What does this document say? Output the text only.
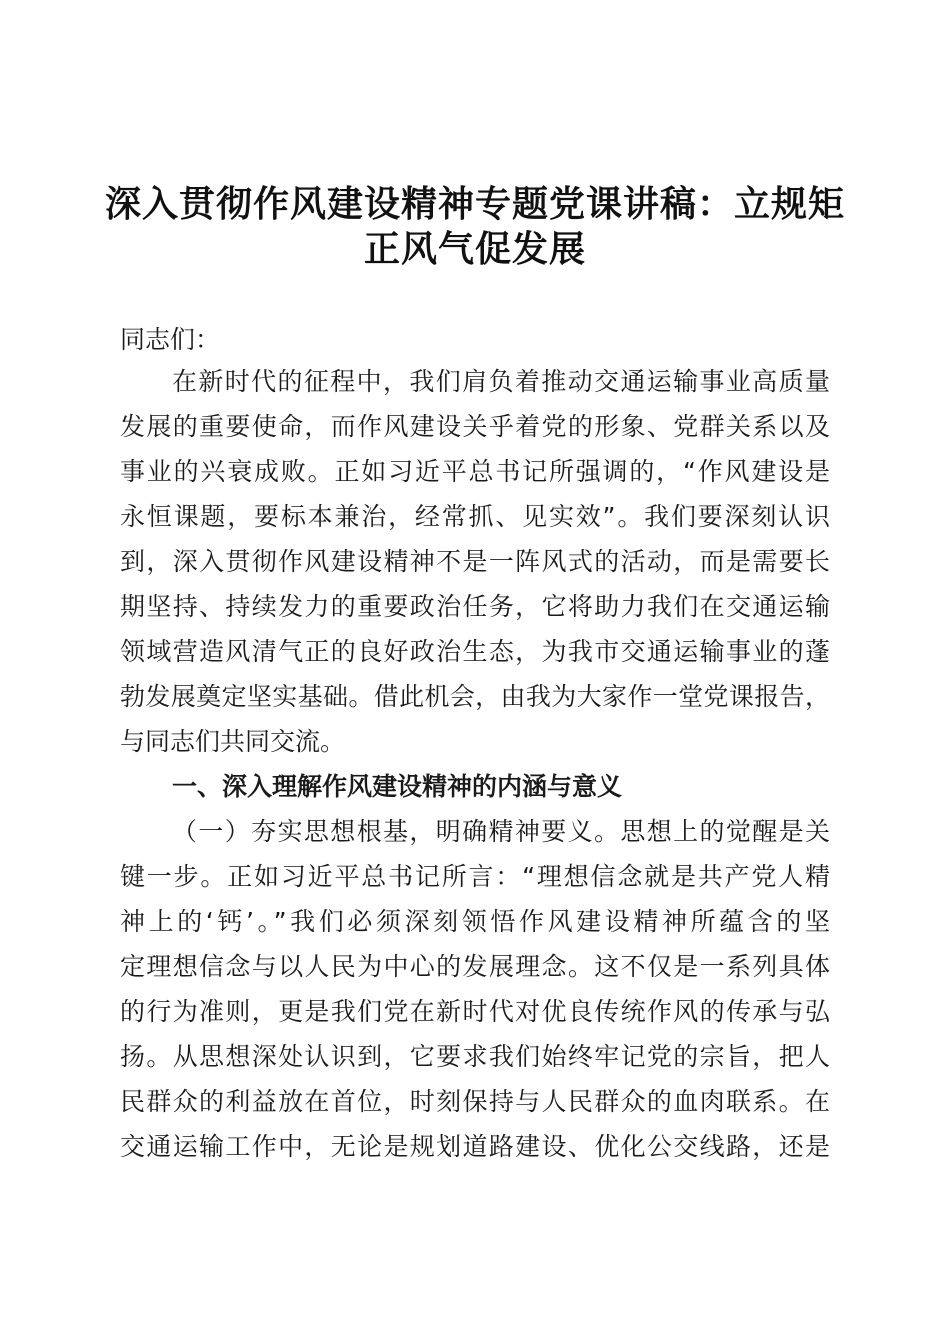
深入贯彻作风建设精神专题党课讲稿：立规矩
正风气促发展
同志们：
在新时代的征程中，我们肩负着推动交通运输事业高质量
发展的重要使命，而作风建设关乎着党的形象、党群关系以及
事业的兴衰成败。正如习近平总书记所强调的，“作风建设是
永恒课题，要标本兼治，经常抓、见实效”。我们要深刻认识
到，深入贯彻作风建设精神不是一阵风式的活动，而是需要长
期坚持、持续发力的重要政治任务，它将助力我们在交通运输
领域营造风清气正的良好政治生态，为我市交通运输事业的蓬
勃发展奠定坚实基础。借此机会，由我为大家作一堂党课报告，
与同志们共同交流。
一、深入理解作风建设精神的内涵与意义
（一）夯实思想根基，明确精神要义。思想上的觉醒是关
键一步。正如习近平总书记所言：“理想信念就是共产党人精
神上的‘钙’。”我们必须深刻领悟作风建设精神所蕴含的坚
定理想信念与以人民为中心的发展理念。这不仅是一系列具体
的行为准则，更是我们党在新时代对优良传统作风的传承与弘
扬。从思想深处认识到，它要求我们始终牢记党的宗旨，把人
民群众的利益放在首位，时刻保持与人民群众的血肉联系。在
交通运输工作中，无论是规划道路建设、优化公交线路，还是
